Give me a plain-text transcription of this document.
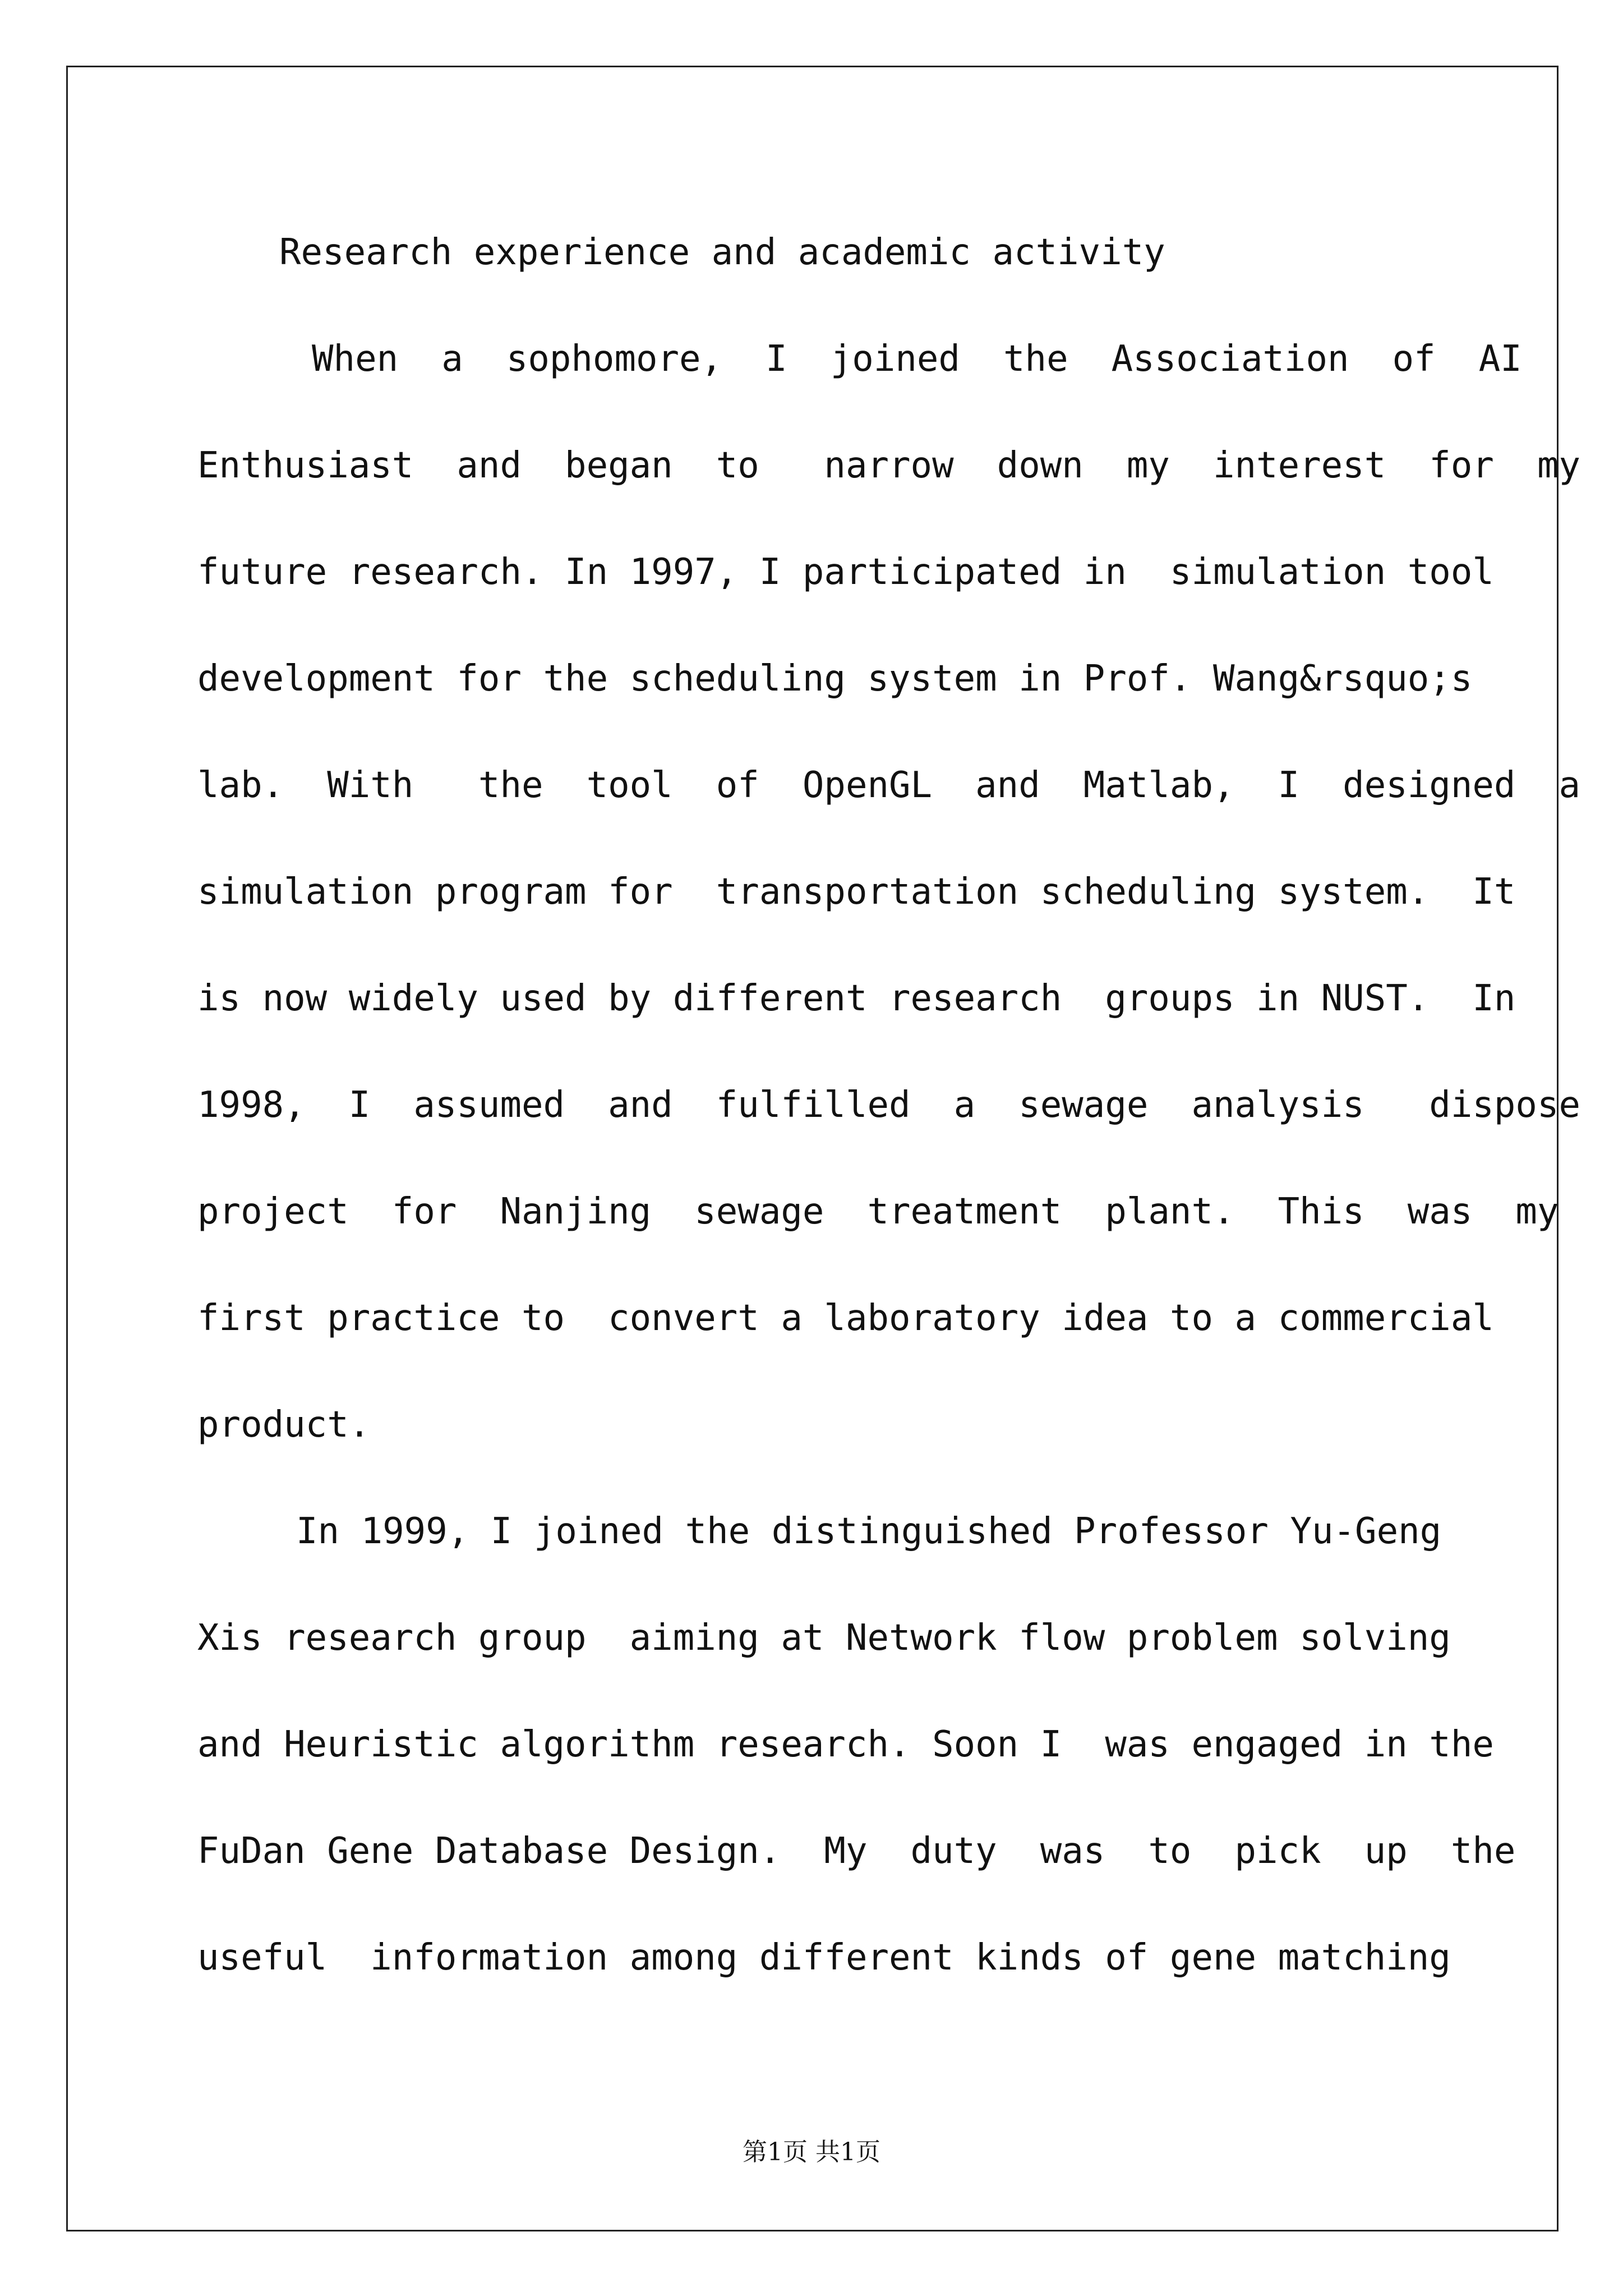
Research experience and academic activity

When  a  sophomore,  I  joined  the  Association  of  AI

Enthusiast  and  began  to   narrow  down  my  interest  for  my

future research. In 1997, I participated in  simulation tool

development for the scheduling system in Prof. Wang&rsquo;s

lab.  With   the  tool  of  OpenGL  and  Matlab,  I  designed  a

simulation program for  transportation scheduling system.  It

is now widely used by different research  groups in NUST.  In

1998,  I  assumed  and  fulfilled  a  sewage  analysis   dispose

project  for  Nanjing  sewage  treatment  plant.  This  was  my

first practice to  convert a laboratory idea to a commercial

product.

In 1999, I joined the distinguished Professor Yu-Geng

Xis research group  aiming at Network flow problem solving

and Heuristic algorithm research. Soon I  was engaged in the

FuDan Gene Database Design.  My  duty  was  to  pick  up  the

useful  information among different kinds of gene matching

第1页 共1页
